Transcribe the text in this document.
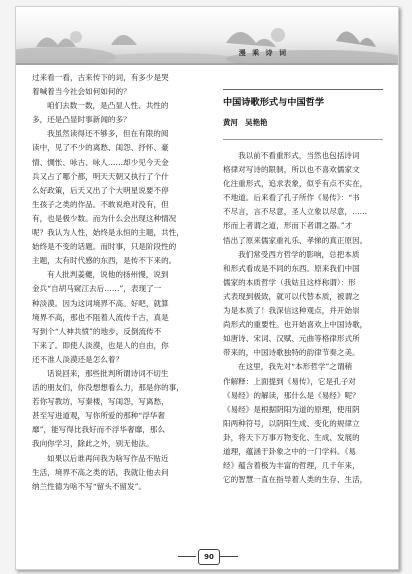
漫 乘 诗 词
过来看一看，古来传下的词，有多少是哭
着喊着当今社会如何如何的？
咱们去数一数，是凸显人性、共性的
多，还是凸显时事新闻的多？
我虽然读得还不够多，但在有限的阅
读中，见了不少的离愁、闺怨、抒怀、豪
情、惆怅、咏古、咏人……却少见今天金
兵又占了哪个都，明天天朝又执行了个什
么好政策，后天又出了个大明星说要不停
生孩子之类的作品。不敢说绝对没有，但
有，也是极少数。而为什么会出现这种情况
呢？我认为人性，始终是永恒的主题，共性，
始终是不变的话题。而时事，只是阶段性的
主题，太有时代感的东西，是传不下来的。
有人批判姜夔，说他的扬州慢，说到
金兵“自胡马窥江去后……”，表现了一
种淡漠。因为这词境界不高。好吧，就算
境界不高，那也不阻着人流传千古，真是
写到个“人神共愤”的地步，反倒流传不
下来了。即使人淡漠，也是人的自由，你
还不准人淡漠还是怎么着？
话说回来，那些批判所谓诗词不切生
活的朋友们，你没想想看么力，那是你的事，
若你写教坊，写秦楼，写闺怨，写离愁，
甚至写进道观，写你所爱的那种“浮华奢
靡”，能写得比我好而不浮华奢靡，那么
我向你学习，除此之外，别无他法。
如果以后谁再问我为啥写作品不贴近
生活，境界不高之类的话，我就让他去问
纳兰性德为啥不写“留头不留发”。
中国诗歌形式与中国哲学
黄河　吴艳艳
我以前不看重形式，当然也包括诗词
格律对写诗的限制，所以也不喜欢儒家文
化注重形式，追求表象，似乎有点不实在，
不地道。后来看了孔子所作《易传》：“书
不尽言，言不尽意，圣人立象以尽意，……
形而上者谓之道，形而下者谓之器。”才
悟出了原来儒家重礼乐、孝悌的真正原因。
我们常受西方哲学的影响，总把本质
和形式看成是不同的东西。原来我们中国
儒家的本质哲学（我姑且这样称谓）：形
式表现到极致，就可以代替本质，被谓之
为是本质了！我深信这种观点，并开始崇
尚形式的重要性。也开始喜欢上中国诗歌，
如唐诗、宋词、汉赋、元曲等格律形式所
带来的，中国诗歌独特的韵律节奏之美。
在这里，我先对“本形哲学”之谓稍
作解释：上面提到《易传》，它是孔子对
《易经》的解读，那什么是《易经》呢？
《易经》是根据阴阳为道的原理，使用阴
阳两种符号，以阴阳生成、变化的规律立
卦，将天下万事万物变化、生成、发展的
道理，蕴涵于卦象之中的一门学科。《易
经》蕴含着极为丰富的哲理，几千年来，
它的智慧一直在指导着人类的生存、生活，
90
